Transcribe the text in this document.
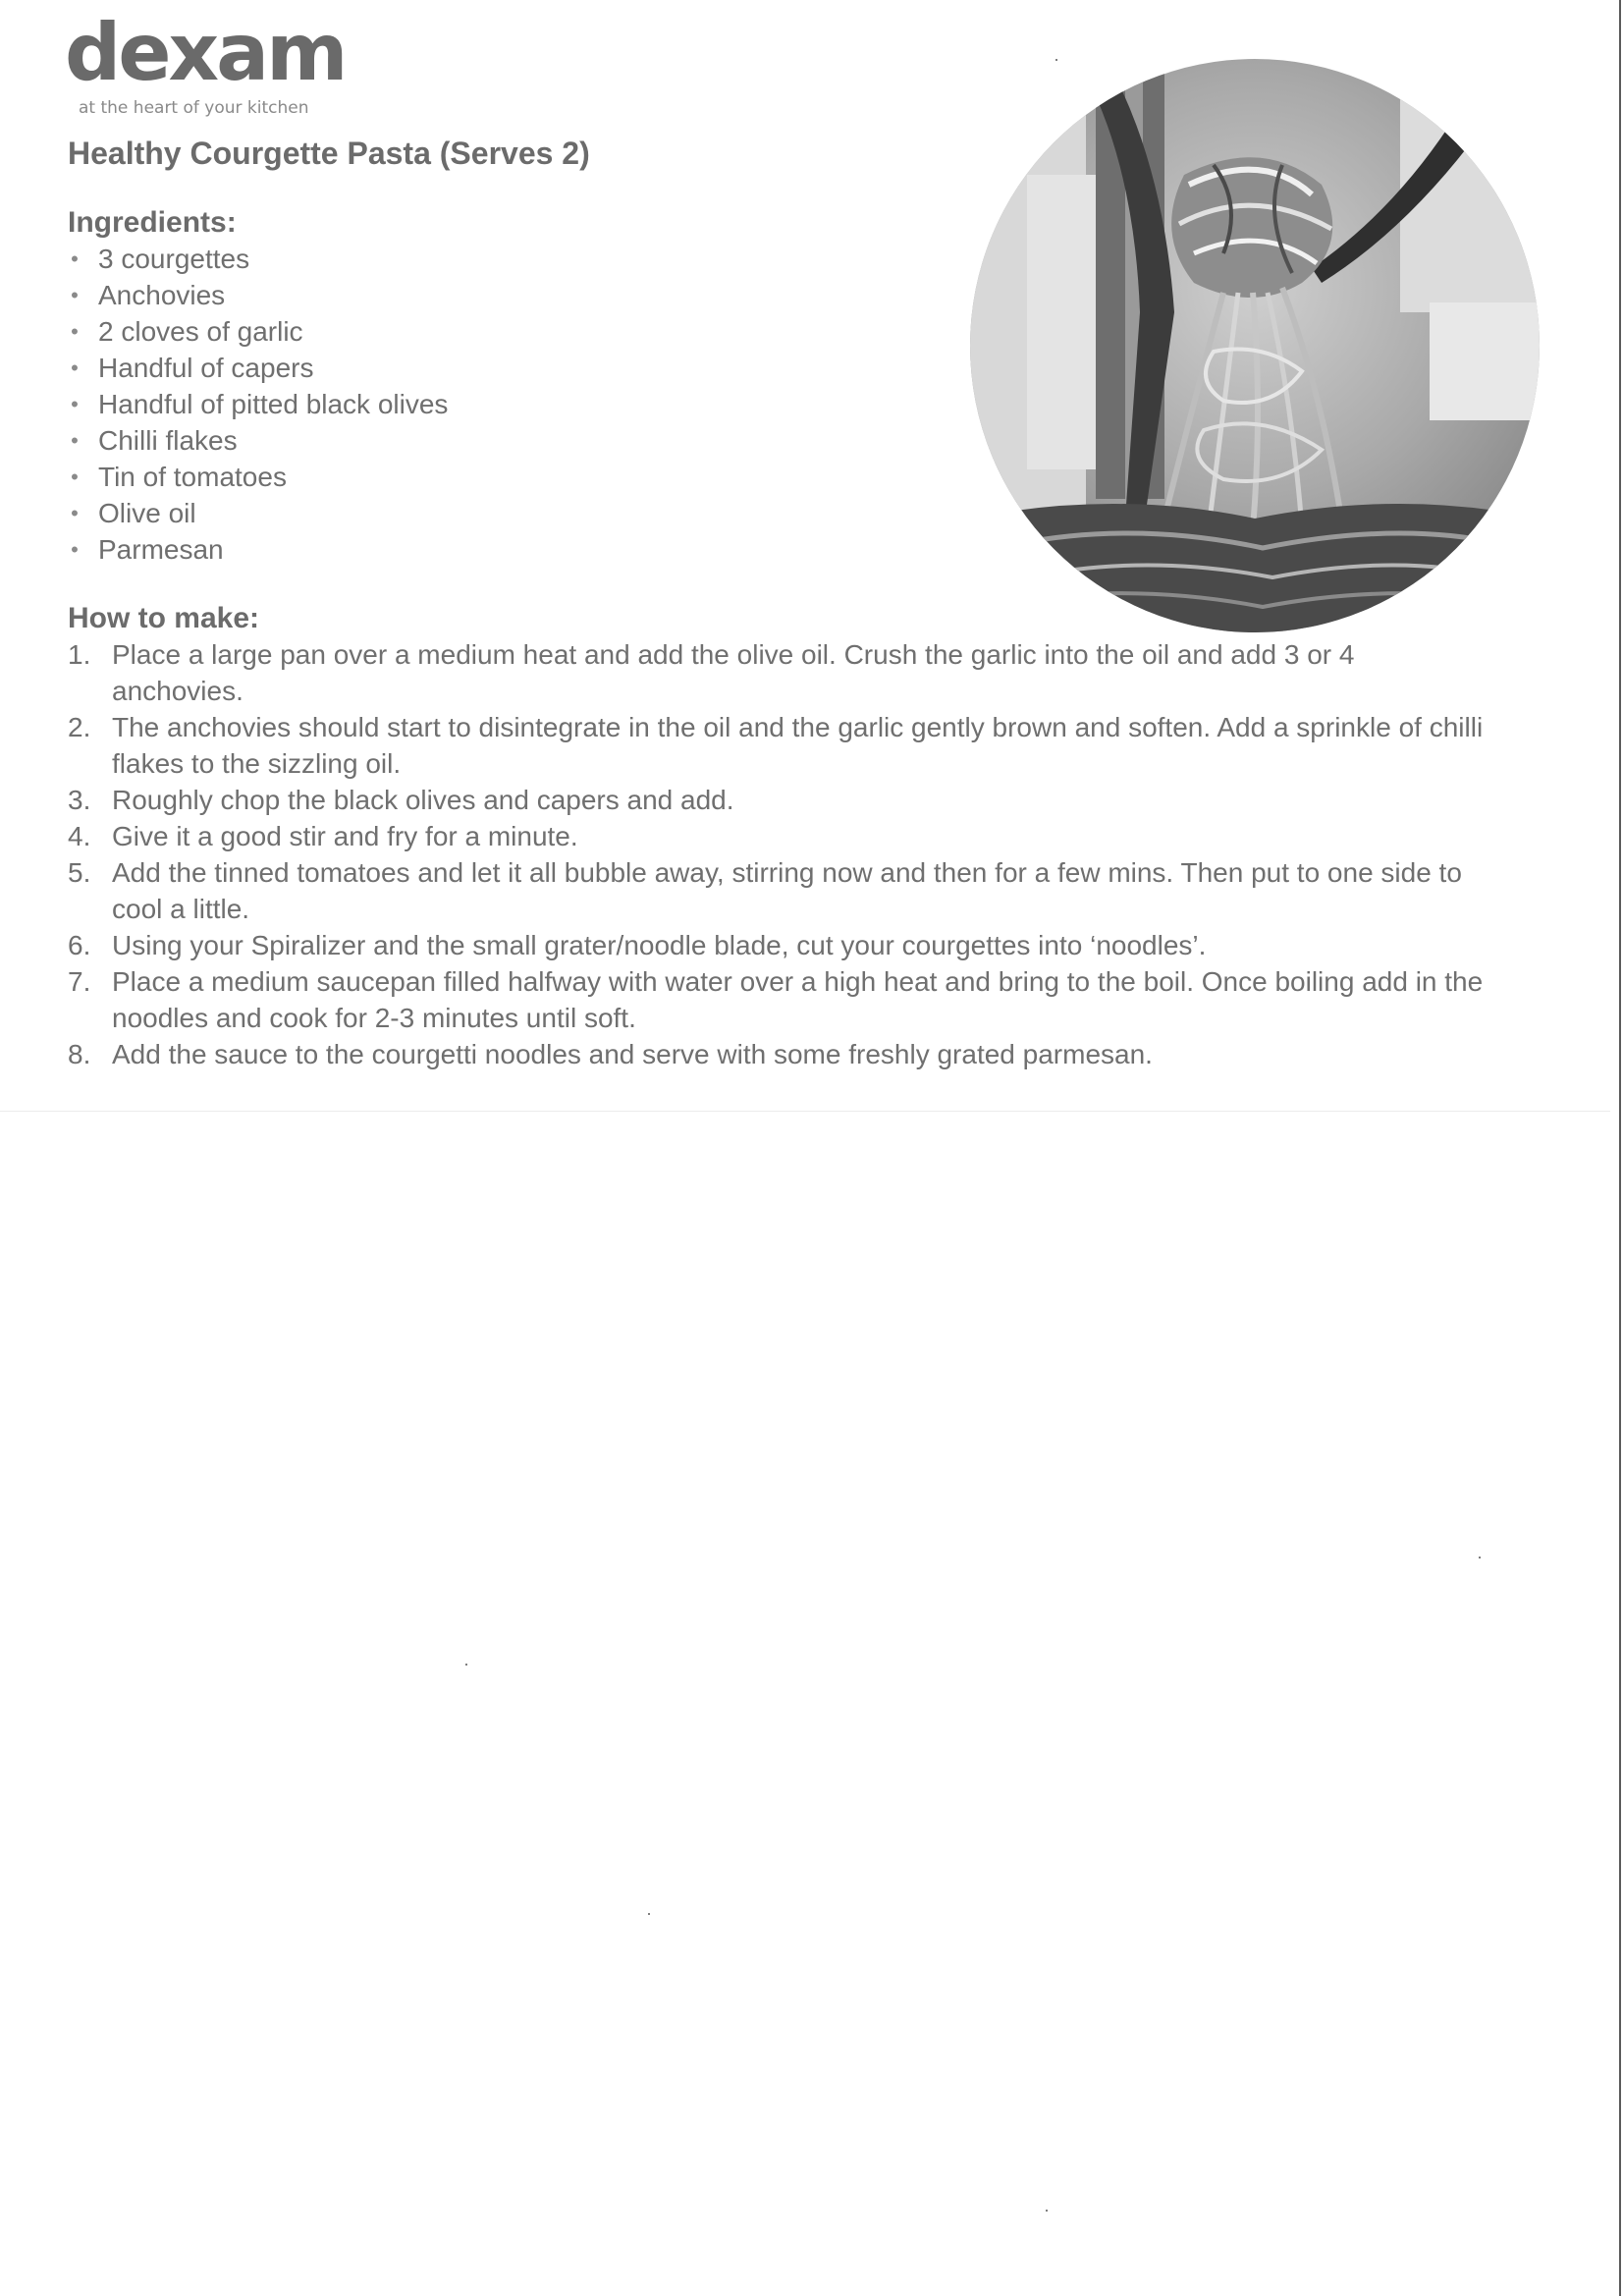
dexam
at the heart of your kitchen
Healthy Courgette Pasta (Serves 2)
Ingredients:
• 3 courgettes
• Anchovies
• 2 cloves of garlic
• Handful of capers
• Handful of pitted black olives
• Chilli flakes
• Tin of tomatoes
• Olive oil
• Parmesan
How to make:
1. Place a large pan over a medium heat and add the olive oil. Crush the garlic into the oil and add 3 or 4 anchovies.
2. The anchovies should start to disintegrate in the oil and the garlic gently brown and soften. Add a sprinkle of chilli flakes to the sizzling oil.
3. Roughly chop the black olives and capers and add.
4. Give it a good stir and fry for a minute.
5. Add the tinned tomatoes and let it all bubble away, stirring now and then for a few mins. Then put to one side to cool a little.
6. Using your Spiralizer and the small grater/noodle blade, cut your courgettes into ‘noodles’.
7. Place a medium saucepan filled halfway with water over a high heat and bring to the boil. Once boiling add in the noodles and cook for 2-3 minutes until soft.
8. Add the sauce to the courgetti noodles and serve with some freshly grated parmesan.
